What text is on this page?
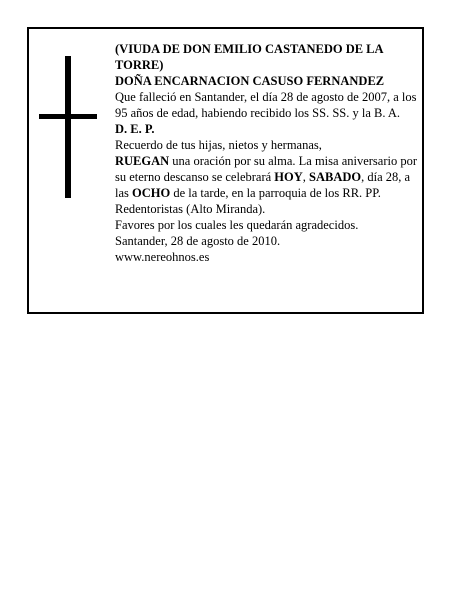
(VIUDA DE DON EMILIO CASTANEDO DE LA TORRE)

DOÑA ENCARNACION CASUSO FERNANDEZ

Que falleció en Santander, el día 28 de agosto de 2007, a los 95 años de edad, habiendo recibido los SS. SS. y la B. A.

D. E. P.

Recuerdo de tus hijas, nietos y hermanas,

RUEGAN una oración por su alma. La misa aniversario por su eterno descanso se celebrará HOY, SABADO, día 28, a las OCHO de la tarde, en la parroquia de los RR. PP. Redentoristas (Alto Miranda).

Favores por los cuales les quedarán agradecidos.

Santander, 28 de agosto de 2010.

www.nereohnos.es
